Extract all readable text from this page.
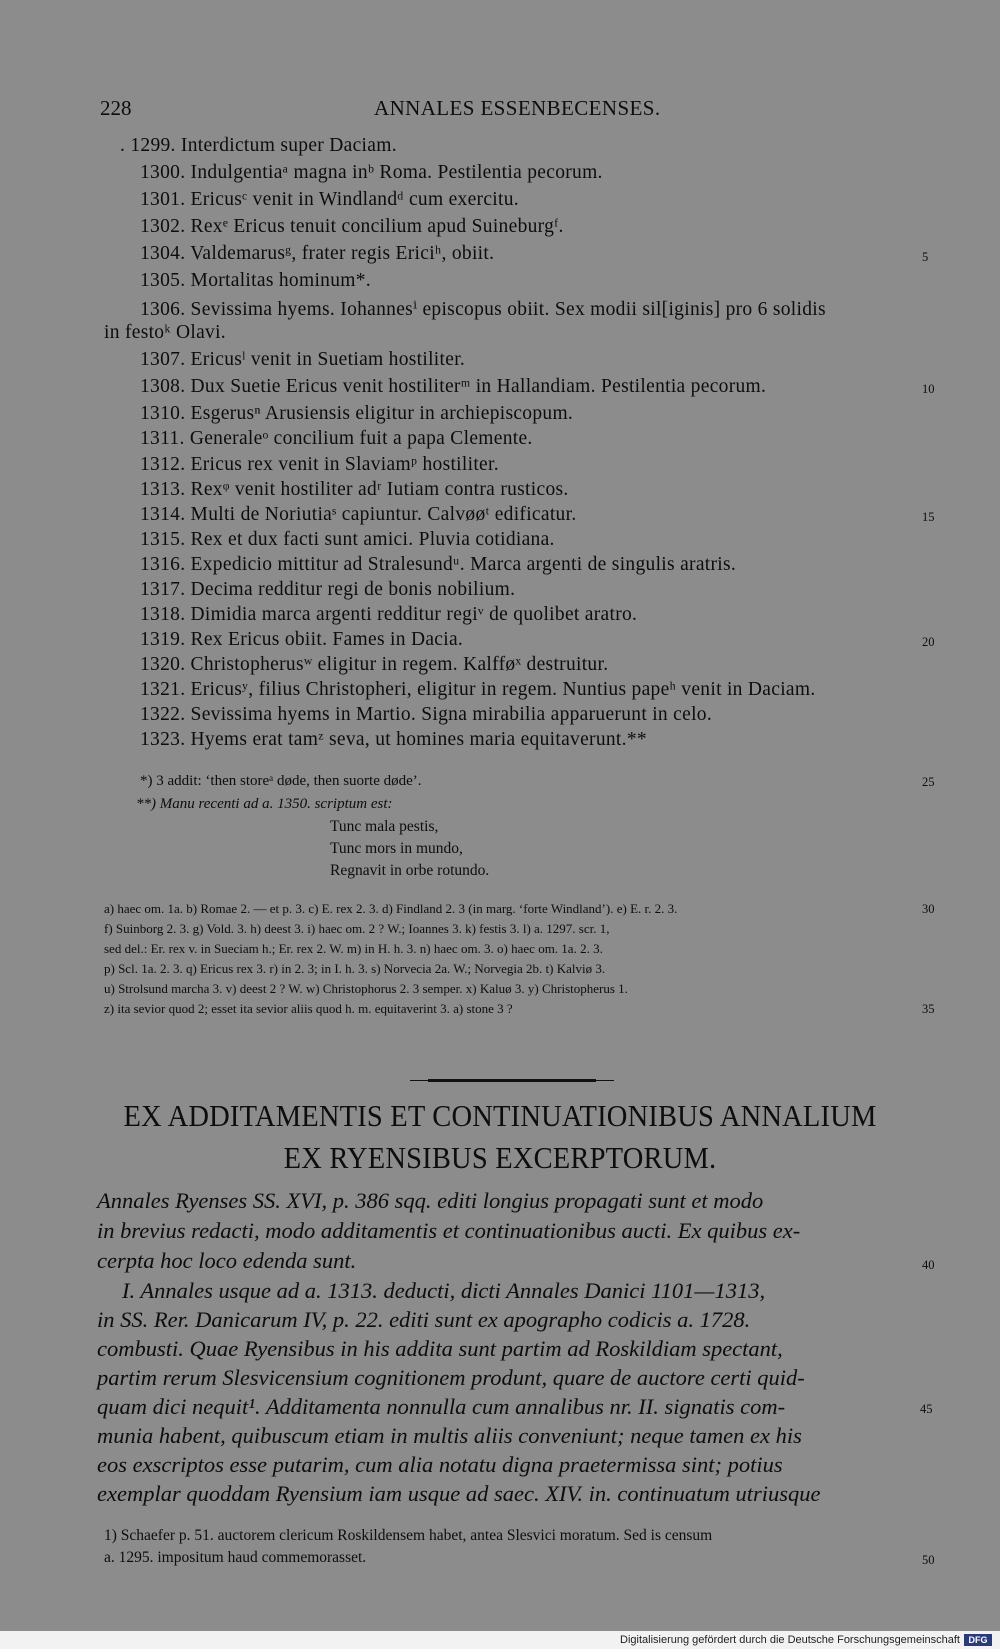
228	ANNALES ESSENBECENSES.
. 1299. Interdictum super Daciam.
1300. Indulgentiaᵃ magna inᵇ Roma. Pestilentia pecorum.
1301. Ericusᶜ venit in Windlandᵈ cum exercitu.
1302. Rexᵉ Ericus tenuit concilium apud Suineburgᶠ.
1304. Valdemarusᵍ, frater regis Ericiʰ, obiit.	5
1305. Mortalitas hominum*.
1306. Sevissima hyems. Iohannesⁱ episcopus obiit. Sex modii sil[iginis] pro 6 solidis
in festoᵏ Olavi.
1307. Ericusˡ venit in Suetiam hostiliter.
1308. Dux Suetie Ericus venit hostiliterᵐ in Hallandiam. Pestilentia pecorum.	10
1310. Esgerusⁿ Arusiensis eligitur in archiepiscopum.
1311. Generaleᵒ concilium fuit a papa Clemente.
1312. Ericus rex venit in Slaviamᵖ hostiliter.
1313. Rexᵠ venit hostiliter adʳ Iutiam contra rusticos.
1314. Multi de Noriutiaˢ capiuntur. Calvøøᵗ edificatur.	15
1315. Rex et dux facti sunt amici. Pluvia cotidiana.
1316. Expedicio mittitur ad Stralesundᵘ. Marca argenti de singulis aratris.
1317. Decima redditur regi de bonis nobilium.
1318. Dimidia marca argenti redditur regiᵛ de quolibet aratro.
1319. Rex Ericus obiit. Fames in Dacia.	20
1320. Christopherusʷ eligitur in regem. Kalfføˣ destruitur.
1321. Ericusʸ, filius Christopheri, eligitur in regem. Nuntius papeʰ venit in Daciam.
1322. Sevissima hyems in Martio. Signa mirabilia apparuerunt in celo.
1323. Hyems erat tamᶻ seva, ut homines maria equitaverunt.**
*) 3 addit: ‘then storeᵃ døde, then suorte døde’.	25
**) Manu recenti ad a. 1350. scriptum est:
Tunc mala pestis,
Tunc mors in mundo,
Regnavit in orbe rotundo.
a) haec om. 1a. b) Romae 2. — et p. 3. c) E. rex 2. 3. d) Findland 2. 3 (in marg. ‘forte Windland’). e) E. r. 2. 3.	30
f) Suinborg 2. 3. g) Vold. 3. h) deest 3. i) haec om. 2 ? W.; Ioannes 3. k) festis 3. l) a. 1297. scr. 1,
sed del.: Er. rex v. in Sueciam h.; Er. rex 2. W. m) in H. h. 3. n) haec om. 3. o) haec om. 1a. 2. 3.
p) Scl. 1a. 2. 3. q) Ericus rex 3. r) in 2. 3; in I. h. 3. s) Norvecia 2a. W.; Norvegia 2b. t) Kalviø 3.
u) Strolsund marcha 3. v) deest 2 ? W. w) Christophorus 2. 3 semper. x) Kaluø 3. y) Christopherus 1.
z) ita sevior quod 2; esset ita sevior aliis quod h. m. equitaverint 3. a) stone 3 ?	35
EX ADDITAMENTIS ET CONTINUATIONIBUS ANNALIUM
EX RYENSIBUS EXCERPTORUM.
Annales Ryenses SS. XVI, p. 386 sqq. editi longius propagati sunt et modo
in brevius redacti, modo additamentis et continuationibus aucti. Ex quibus ex-
cerpta hoc loco edenda sunt.	40
I. Annales usque ad a. 1313. deducti, dicti Annales Danici 1101—1313,
in SS. Rer. Danicarum IV, p. 22. editi sunt ex apographo codicis a. 1728.
combusti. Quae Ryensibus in his addita sunt partim ad Roskildiam spectant,
partim rerum Slesvicensium cognitionem produnt, quare de auctore certi quid-
quam dici nequit¹. Additamenta nonnulla cum annalibus nr. II. signatis com-	45
munia habent, quibuscum etiam in multis aliis conveniunt; neque tamen ex his
eos exscriptos esse putarim, cum alia notatu digna praetermissa sint; potius
exemplar quoddam Ryensium iam usque ad saec. XIV. in. continuatum utriusque
1) Schaefer p. 51. auctorem clericum Roskildensem habet, antea Slesvici moratum. Sed is censum
a. 1295. impositum haud commemorasset.	50
Digitalisierung gefördert durch die Deutsche Forschungsgemeinschaft DFG
